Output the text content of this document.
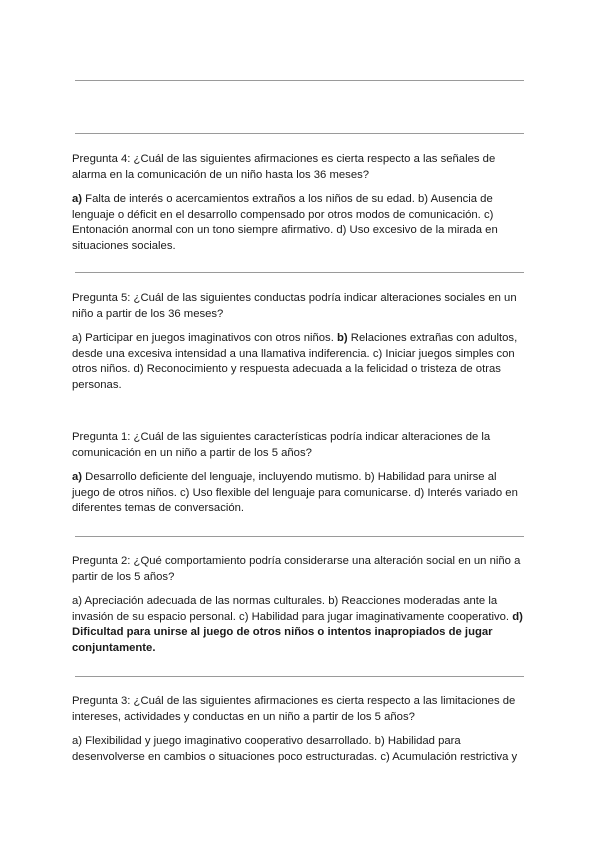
Pregunta 4: ¿Cuál de las siguientes afirmaciones es cierta respecto a las señales de alarma en la comunicación de un niño hasta los 36 meses?

a) Falta de interés o acercamientos extraños a los niños de su edad. b) Ausencia de lenguaje o déficit en el desarrollo compensado por otros modos de comunicación. c) Entonación anormal con un tono siempre afirmativo. d) Uso excesivo de la mirada en situaciones sociales.

Pregunta 5: ¿Cuál de las siguientes conductas podría indicar alteraciones sociales en un niño a partir de los 36 meses?

a) Participar en juegos imaginativos con otros niños. b) Relaciones extrañas con adultos, desde una excesiva intensidad a una llamativa indiferencia. c) Iniciar juegos simples con otros niños. d) Reconocimiento y respuesta adecuada a la felicidad o tristeza de otras personas.

Pregunta 1: ¿Cuál de las siguientes características podría indicar alteraciones de la comunicación en un niño a partir de los 5 años?

a) Desarrollo deficiente del lenguaje, incluyendo mutismo. b) Habilidad para unirse al juego de otros niños. c) Uso flexible del lenguaje para comunicarse. d) Interés variado en diferentes temas de conversación.

Pregunta 2: ¿Qué comportamiento podría considerarse una alteración social en un niño a partir de los 5 años?

a) Apreciación adecuada de las normas culturales. b) Reacciones moderadas ante la invasión de su espacio personal. c) Habilidad para jugar imaginativamente cooperativo. d) Dificultad para unirse al juego de otros niños o intentos inapropiados de jugar conjuntamente.

Pregunta 3: ¿Cuál de las siguientes afirmaciones es cierta respecto a las limitaciones de intereses, actividades y conductas en un niño a partir de los 5 años?

a) Flexibilidad y juego imaginativo cooperativo desarrollado. b) Habilidad para desenvolverse en cambios o situaciones poco estructuradas. c) Acumulación restrictiva y
